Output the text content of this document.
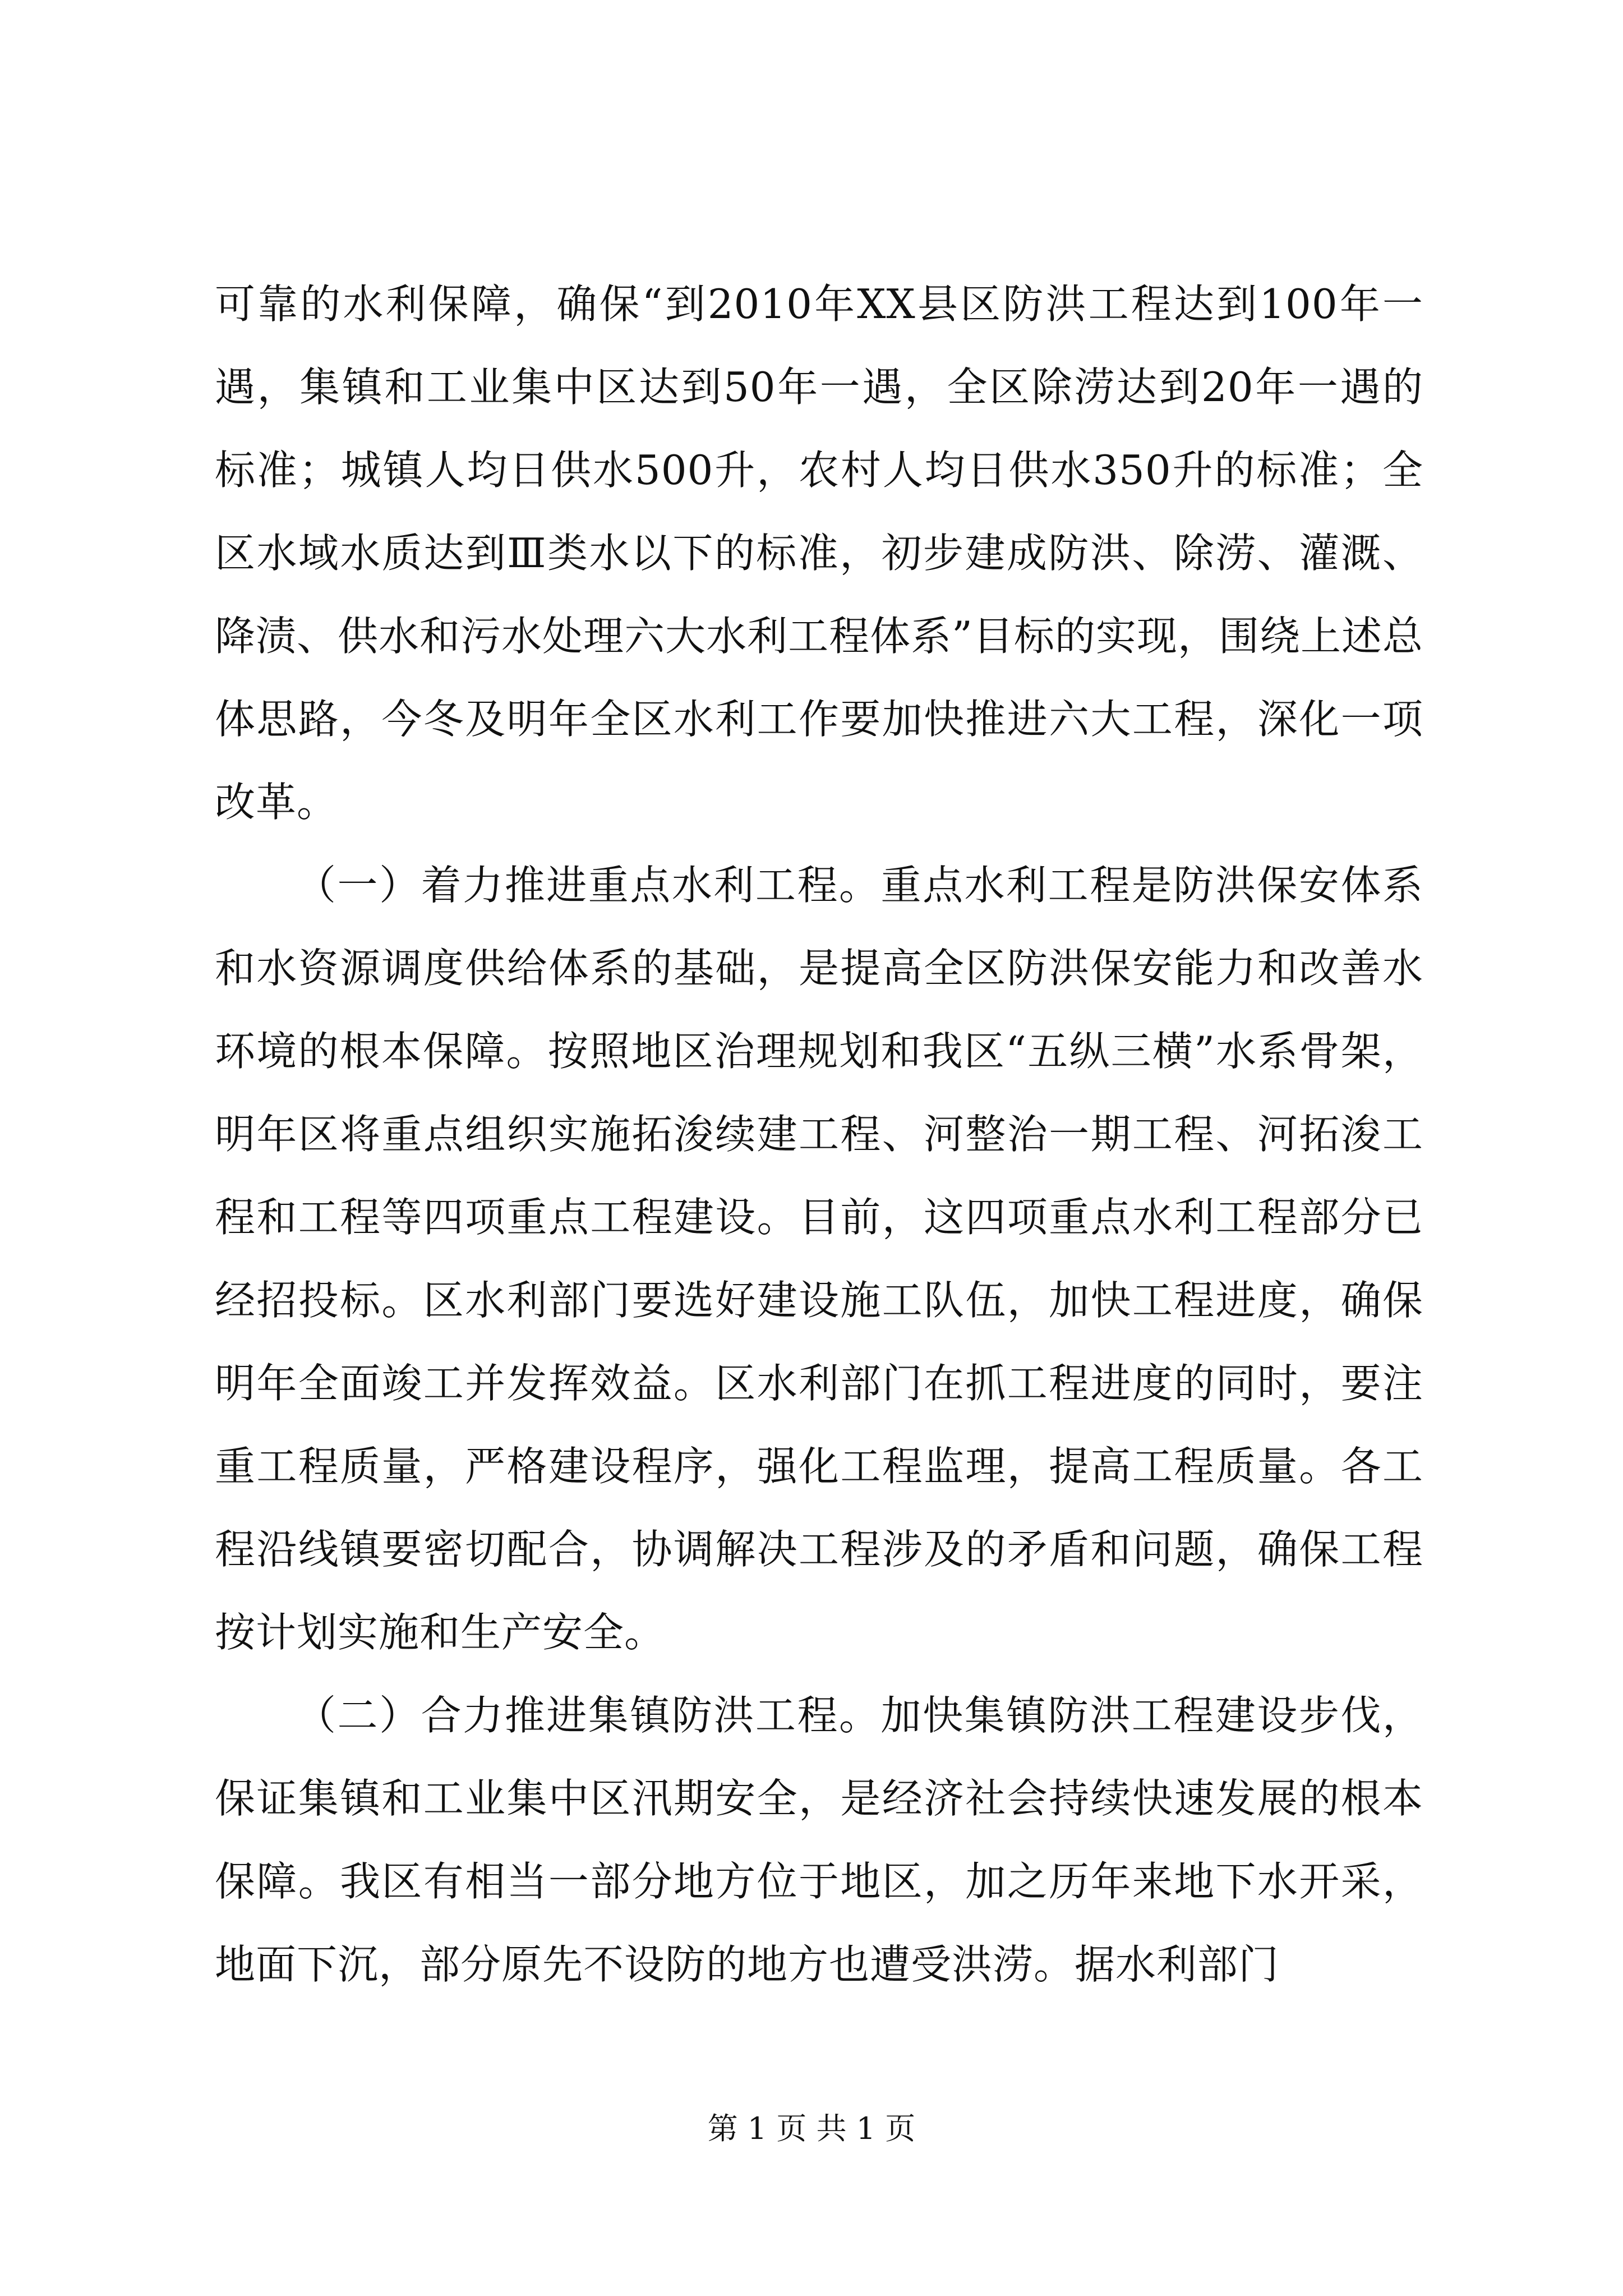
可靠的水利保障，确保“到2010年XX县区防洪工程达到100年一遇，集镇和工业集中区达到50年一遇，全区除涝达到20年一遇的标准；城镇人均日供水500升，农村人均日供水350升的标准；全区水域水质达到Ⅲ类水以下的标准，初步建成防洪、除涝、灌溉、降渍、供水和污水处理六大水利工程体系”目标的实现，围绕上述总体思路，今冬及明年全区水利工作要加快推进六大工程，深化一项改革。

（一）着力推进重点水利工程。重点水利工程是防洪保安体系和水资源调度供给体系的基础，是提高全区防洪保安能力和改善水环境的根本保障。按照地区治理规划和我区“五纵三横”水系骨架，明年区将重点组织实施拓浚续建工程、河整治一期工程、河拓浚工程和工程等四项重点工程建设。目前，这四项重点水利工程部分已经招投标。区水利部门要选好建设施工队伍，加快工程进度，确保明年全面竣工并发挥效益。区水利部门在抓工程进度的同时，要注重工程质量，严格建设程序，强化工程监理，提高工程质量。各工程沿线镇要密切配合，协调解决工程涉及的矛盾和问题，确保工程按计划实施和生产安全。

（二）合力推进集镇防洪工程。加快集镇防洪工程建设步伐，保证集镇和工业集中区汛期安全，是经济社会持续快速发展的根本保障。我区有相当一部分地方位于地区，加之历年来地下水开采，地面下沉，部分原先不设防的地方也遭受洪涝。据水利部门

第 1 页 共 1 页
